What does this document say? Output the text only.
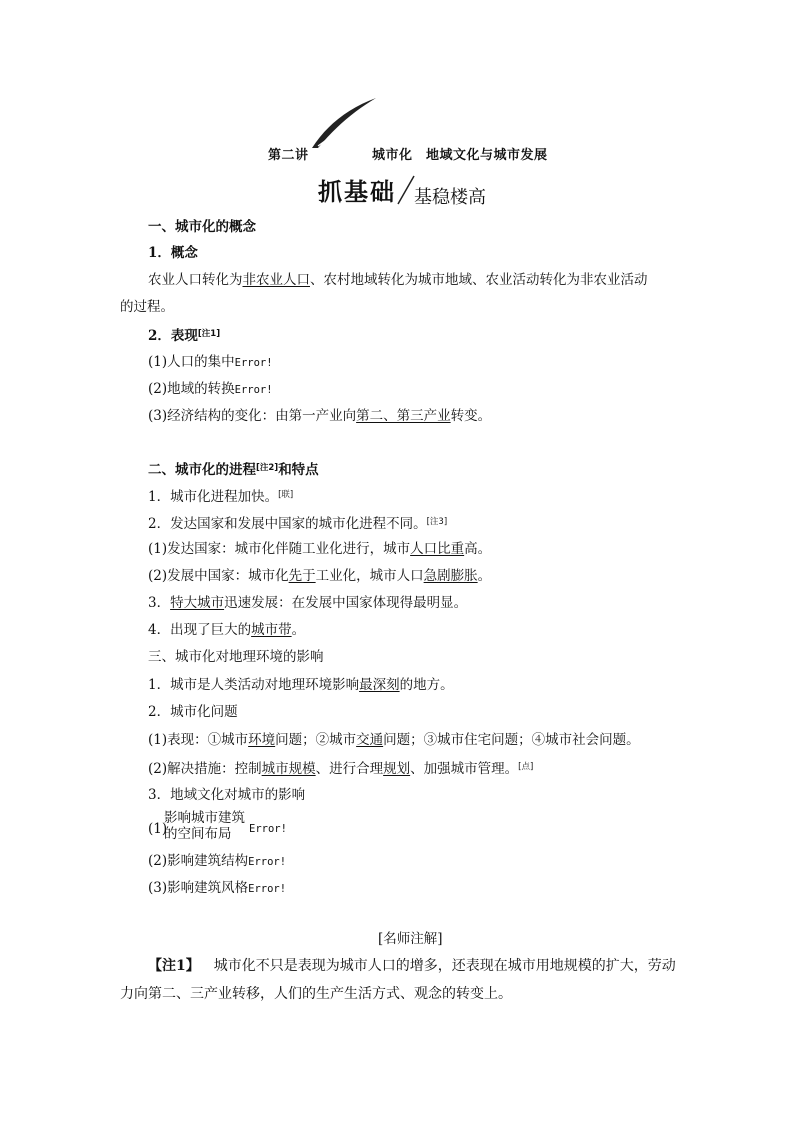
第二讲	城市化　地域文化与城市发展
抓基础 基稳楼高
一、城市化的概念
1．概念
农业人口转化为非农业人口、农村地域转化为城市地域、农业活动转化为非农业活动
的过程。
2．表现[注1]
(1)人口的集中Error!
(2)地域的转换Error!
(3)经济结构的变化：由第一产业向第二、第三产业转变。
二、城市化的进程[注2]和特点
1．城市化进程加快。[联]
2．发达国家和发展中国家的城市化进程不同。[注3]
(1)发达国家：城市化伴随工业化进行，城市人口比重高。
(2)发展中国家：城市化先于工业化，城市人口急剧膨胀。
3．特大城市迅速发展：在发展中国家体现得最明显。
4．出现了巨大的城市带。
三、城市化对地理环境的影响
1．城市是人类活动对地理环境影响最深刻的地方。
2．城市化问题
(1)表现：①城市环境问题；②城市交通问题；③城市住宅问题；④城市社会问题。
(2)解决措施：控制城市规模、进行合理规划、加强城市管理。[点]
3．地域文化对城市的影响
(1)
影响城市建筑
的空间布局 Error!
(2)影响建筑结构Error!
(3)影响建筑风格Error!
[名师注解]
【注1】 城市化不只是表现为城市人口的增多，还表现在城市用地规模的扩大，劳动
力向第二、三产业转移，人们的生产生活方式、观念的转变上。
